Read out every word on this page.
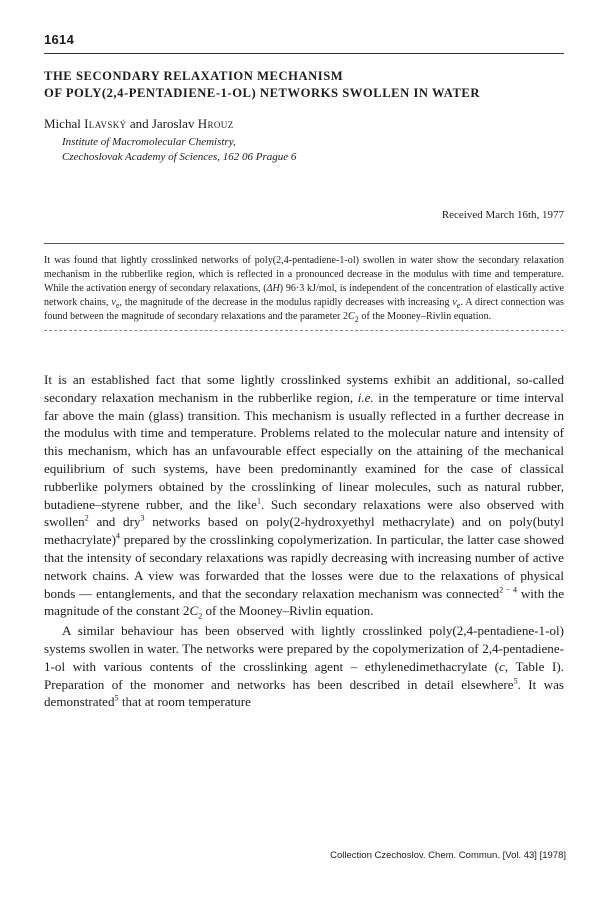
1614
THE SECONDARY RELAXATION MECHANISM
OF POLY(2,4-PENTADIENE-1-OL) NETWORKS SWOLLEN IN WATER
Michal Ilavský and Jaroslav Hrouz
Institute of Macromolecular Chemistry,
Czechoslovak Academy of Sciences, 162 06 Prague 6
Received March 16th, 1977
It was found that lightly crosslinked networks of poly(2,4-pentadiene-1-ol) swollen in water show the secondary relaxation mechanism in the rubberlike region, which is reflected in a pronounced decrease in the modulus with time and temperature. While the activation energy of secondary relaxations, (ΔH) 96·3 kJ/mol, is independent of the concentration of elastically active network chains, $\nu_e$, the magnitude of the decrease in the modulus rapidly decreases with increasing $\nu_e$. A direct connection was found between the magnitude of secondary relaxations and the parameter $2C_2$ of the Mooney–Rivlin equation.

It is an established fact that some lightly crosslinked systems exhibit an additional, so-called secondary relaxation mechanism in the rubberlike region, i.e. in the temperature or time interval far above the main (glass) transition. This mechanism is usually reflected in a further decrease in the modulus with time and temperature. Problems related to the molecular nature and intensity of this mechanism, which has an unfavourable effect especially on the attaining of the mechanical equilibrium of such systems, have been predominantly examined for the case of classical rubberlike polymers obtained by the crosslinking of linear molecules, such as natural rubber, butadiene–styrene rubber, and the like$^1$. Such secondary relaxations were also observed with swollen$^2$ and dry$^3$ networks based on poly(2-hydroxyethyl methacrylate) and on poly(butyl methacrylate)$^4$ prepared by the crosslinking copolymerization. In particular, the latter case showed that the intensity of secondary relaxations was rapidly decreasing with increasing number of active network chains. A view was forwarded that the losses were due to the relaxations of physical bonds — entanglements, and that the secondary relaxation mechanism was connected$^{2 - 4}$ with the magnitude of the constant $2C_2$ of the Mooney–Rivlin equation.

A similar behaviour has been observed with lightly crosslinked poly(2,4-pentadiene-1-ol) systems swollen in water. The networks were prepared by the copolymerization of 2,4-pentadiene-1-ol with various contents of the crosslinking agent – ethylenedimethacrylate (c, Table I). Preparation of the monomer and networks has been described in detail elsewhere$^5$. It was demonstrated$^5$ that at room temperature

Collection Czechoslov. Chem. Commun. [Vol. 43] [1978]
